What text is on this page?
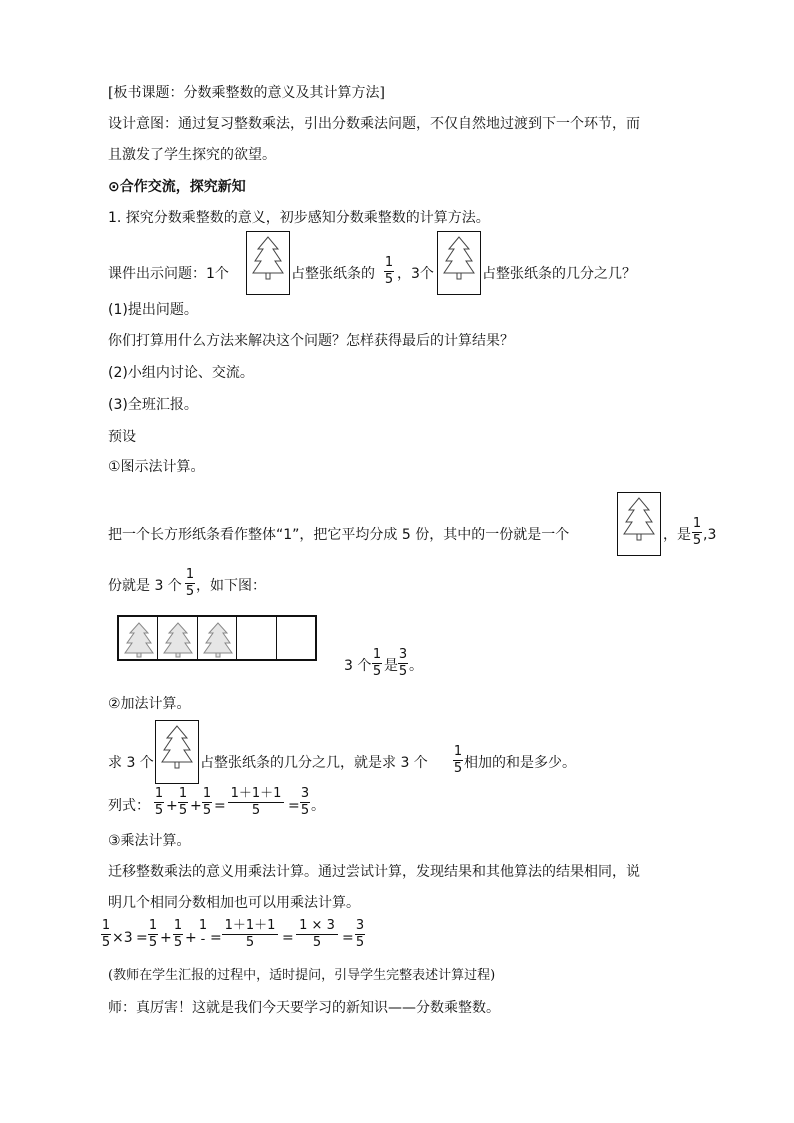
[板书课题：分数乘整数的意义及其计算方法]
设计意图：通过复习整数乘法，引出分数乘法问题，不仅自然地过渡到下一个环节，而
且激发了学生探究的欲望。
⊙合作交流，探究新知
1. 探究分数乘整数的意义，初步感知分数乘整数的计算方法。
课件出示问题：1个	占整张纸条的
1
5 ，3个	占整张纸条的几分之几？
(1)提出问题。
你们打算用什么方法来解决这个问题？怎样获得最后的计算结果？
(2)小组内讨论、交流。
(3)全班汇报。
预设
①图示法计算。
把一个长方形纸条看作整体“1”，把它平均分成 5 份，其中的一份就是一个	，是
1
5 ,3
份就是 3 个
1
5 ，如下图：
3 个
1
5 是
3
5 。
②加法计算。
求 3 个	占整张纸条的几分之几，就是求 3 个
1
5 相加的和是多少。
列式：
1
5 +
1
5 +
1
5 =
1＋1＋1
5	=
3
5 。
③乘法计算。
迁移整数乘法的意义用乘法计算。通过尝试计算，发现结果和其他算法的结果相同，说
明几个相同分数相加也可以用乘法计算。
1
5 ×3 =
1
5 +
1
5 +
1
- =
1＋1＋1
5	=
1 × 3
5	=
3
5
(教师在学生汇报的过程中，适时提问，引导学生完整表述计算过程)
师：真厉害！这就是我们今天要学习的新知识——分数乘整数。
